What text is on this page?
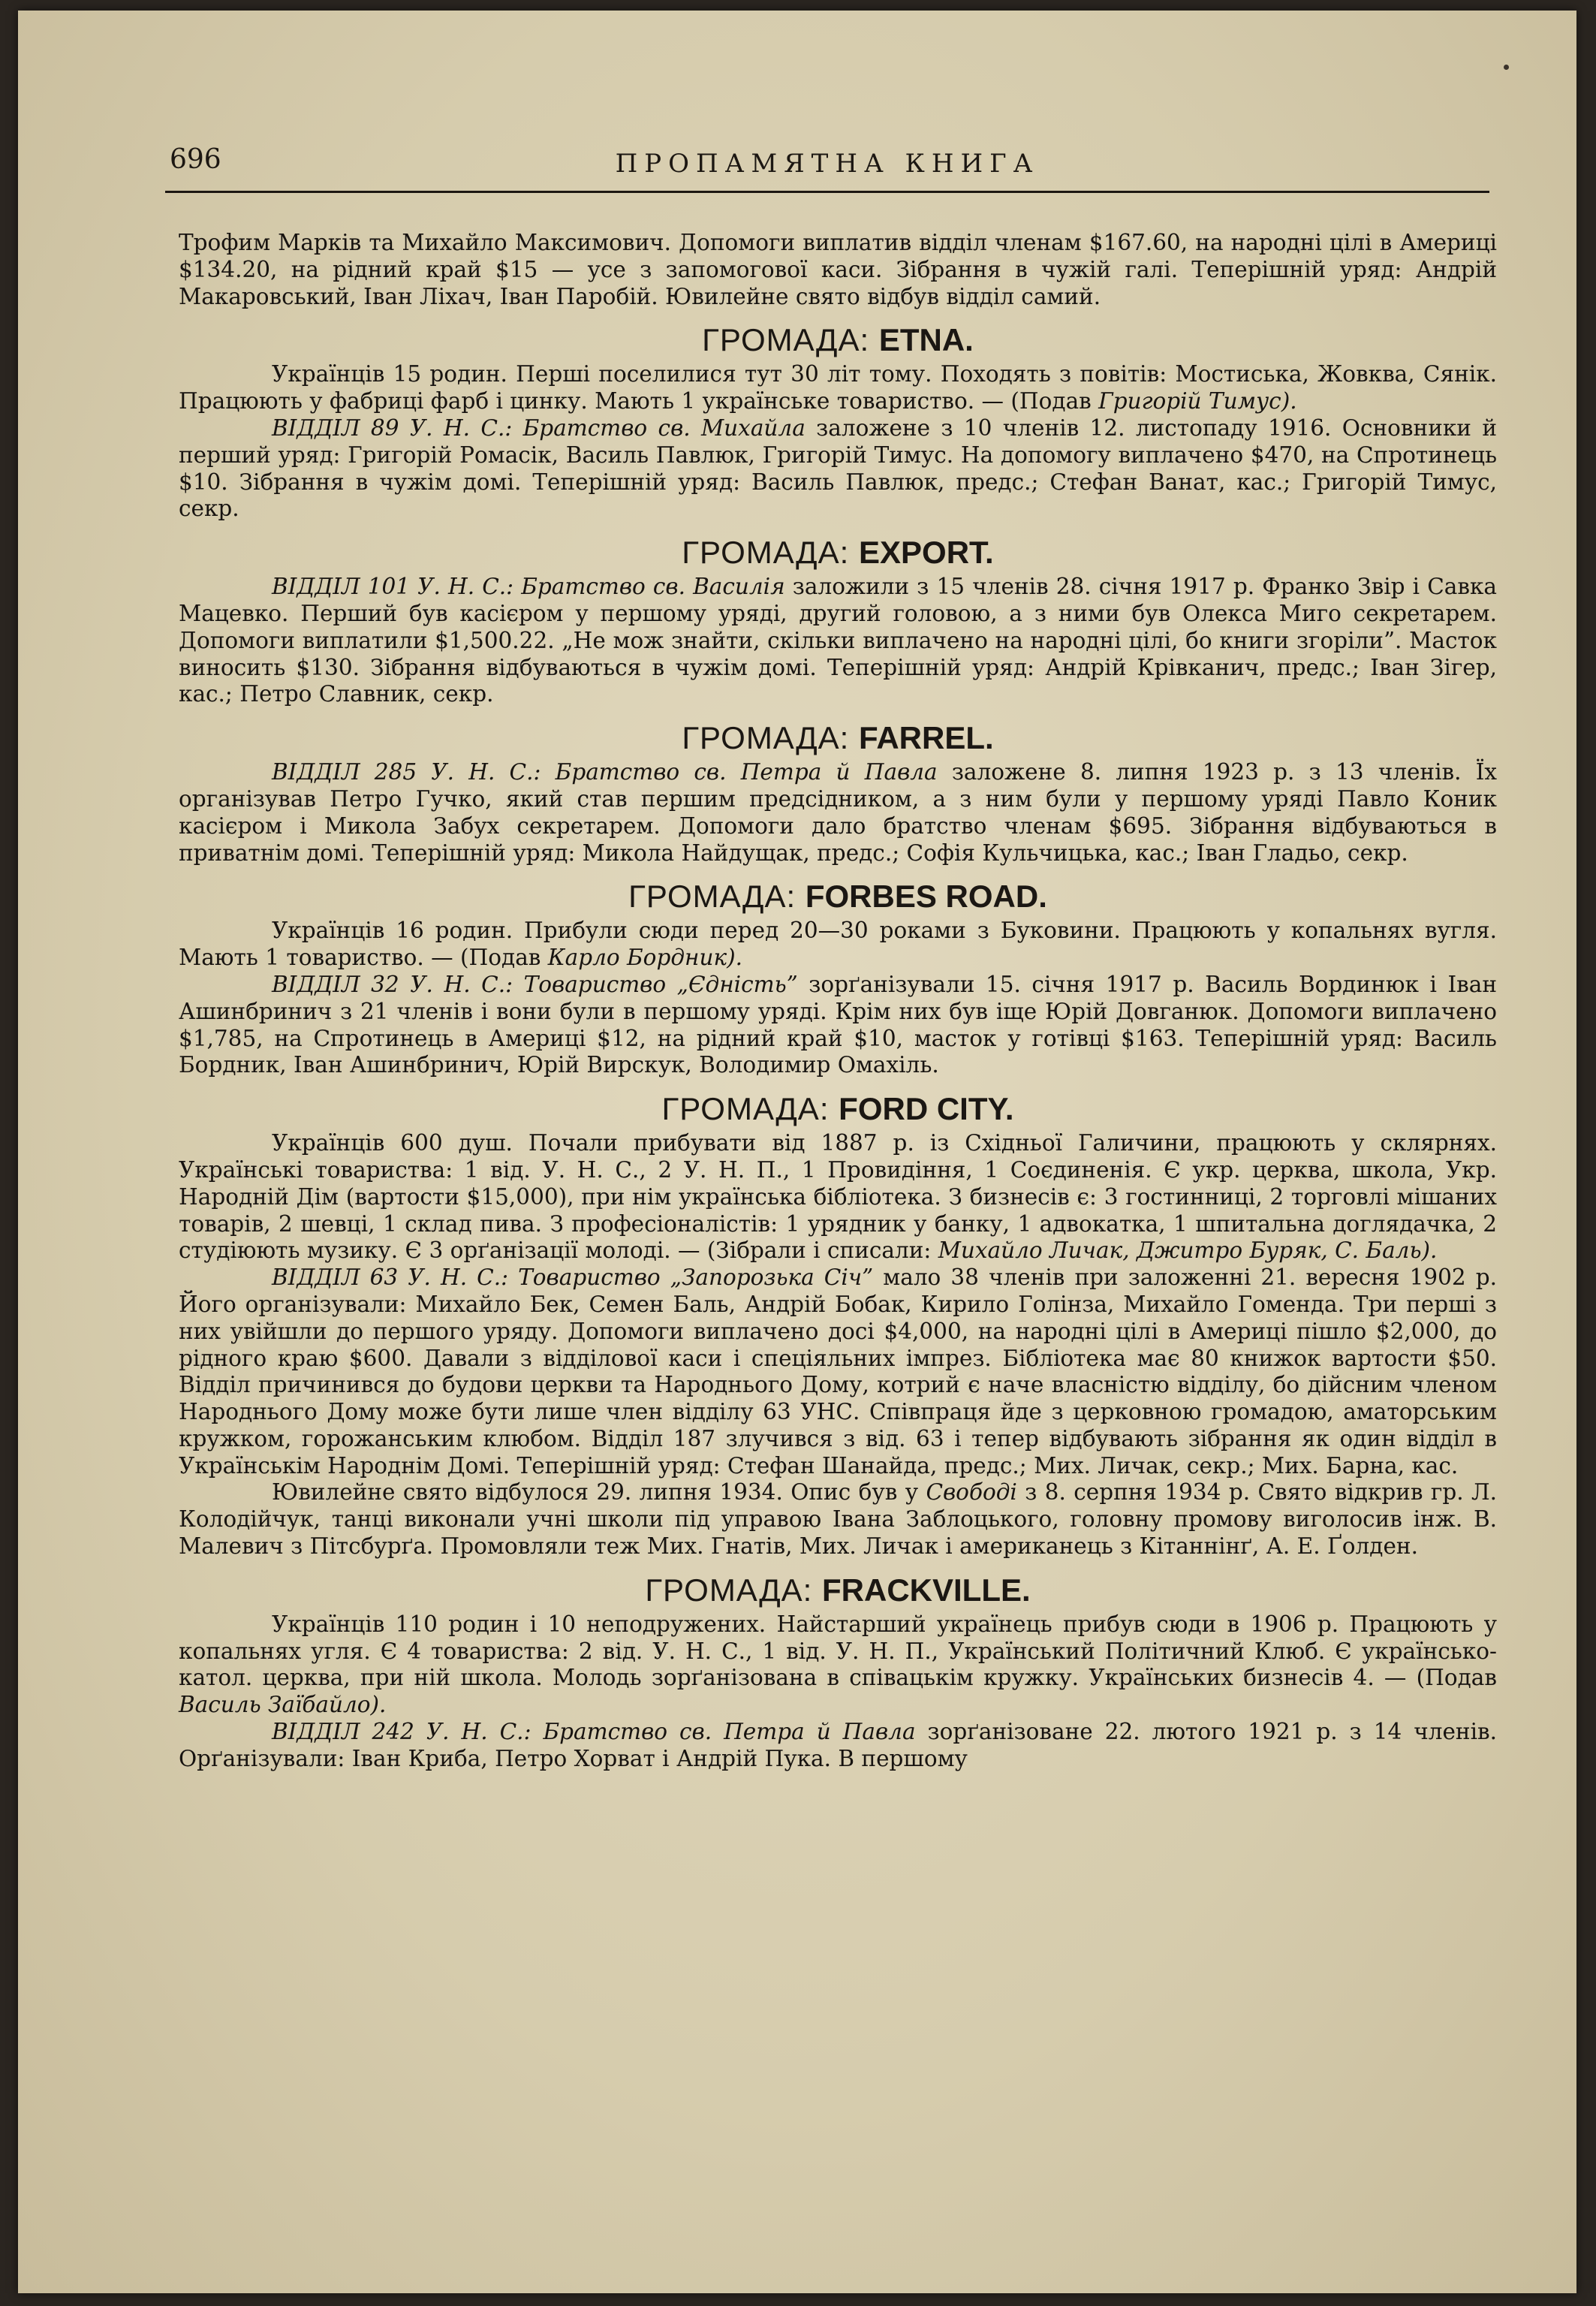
696	ПРОПАМЯТНА КНИГА

Трофим Марків та Михайло Максимович. Допомоги виплатив відділ членам $167.60, на народні цілі в Америці $134.20, на рідний край $15 — усе з запомогової каси. Зібрання в чужій галі. Теперішній уряд: Андрій Макаровський, Іван Ліхач, Іван Паробій. Ювилейне свято відбув відділ самий.

ГРОМАДА: ETNA.

Українців 15 родин. Перші поселилися тут 30 літ тому. Походять з повітів: Мостиська, Жовква, Сянік. Працюють у фабриці фарб і цинку. Мають 1 українське товариство. — (Подав Григорій Тимус).

ВІДДІЛ 89 У. Н. С.: Братство св. Михайла заложене з 10 членів 12. листопаду 1916. Основники й перший уряд: Григорій Ромасік, Василь Павлюк, Григорій Тимус. На допомогу виплачено $470, на Спротинець $10. Зібрання в чужім домі. Теперішній уряд: Василь Павлюк, предс.; Стефан Ванат, кас.; Григорій Тимус, секр.

ГРОМАДА: EXPORT.

ВІДДІЛ 101 У. Н. С.: Братство св. Василія заложили з 15 членів 28. січня 1917 р. Франко Звір і Савка Мацевко. Перший був касієром у першому уряді, другий головою, а з ними був Олекса Миго секретарем. Допомоги виплатили $1,500.22. „Не мож знайти, скільки виплачено на народні цілі, бо книги згоріли”. Масток виносить $130. Зібрання відбуваються в чужім домі. Теперішній уряд: Андрій Крівканич, предс.; Іван Зігер, кас.; Петро Славник, секр.

ГРОМАДА: FARREL.

ВІДДІЛ 285 У. Н. С.: Братство св. Петра й Павла заложене 8. липня 1923 р. з 13 членів. Їх оргaнізував Петро Гучко, який став першим предсідником, а з ним були у першому уряді Павло Коник касієром і Микола Забух секретарем. Допомоги дало братство членам $695. Зібрання відбуваються в приватнім домі. Теперішній уряд: Микола Найдущак, предс.; Софія Кульчицька, кас.; Іван Гладьо, секр.

ГРОМАДА: FORBES ROAD.

Українців 16 родин. Прибули сюди перед 20—30 роками з Буковини. Працюють у копальнях вугля. Мають 1 товариство. — (Подав Карло Бордник).

ВІДДІЛ 32 У. Н. С.: Товариство „Єдність” зорґанізували 15. січня 1917 р. Василь Вординюк і Іван Ашинбринич з 21 членів і вони були в першому уряді. Крім них був іще Юрій Довганюк. Допомоги виплачено $1,785, на Спротинець в Америці $12, на рідний край $10, масток у готівці $163. Теперішній уряд: Василь Бордник, Іван Ашинбринич, Юрій Вирскук, Володимир Омахіль.

ГРОМАДА: FORD CITY.

Українців 600 душ. Почали прибувати від 1887 р. із Східньої Галичини, працюють у склярнях. Українські товариства: 1 від. У. Н. С., 2 У. Н. П., 1 Провидіння, 1 Соєдиненія. Є укр. церква, школа, Укр. Народній Дім (вартости $15,000), при нім українська бібліотека. З бизнесів є: 3 гостинниці, 2 торговлі мішаних товарів, 2 шевці, 1 склад пива. З професіоналістів: 1 урядник у банку, 1 адвокатка, 1 шпитальна доглядачка, 2 студіюють музику. Є 3 орґанізації молоді. — (Зібрали і списали: Михайло Личак, Джитро Буряк, С. Баль).

ВІДДІЛ 63 У. Н. С.: Товариство „Запорозька Січ” мало 38 членів при заложенні 21. вересня 1902 р. Його організували: Михайло Бек, Семен Баль, Андрій Бобак, Кирило Голінза, Михайло Гоменда. Три перші з них увійшли до першого уряду. Допомоги виплачено досі $4,000, на народні цілі в Америці пішло $2,000, до рідного краю $600. Давали з відділової каси і спеціяльних імпрез. Бібліотека має 80 книжок вартости $50. Відділ причинився до будови церкви та Народнього Дому, котрий є наче власністю відділу, бо дійсним членом Народнього Дому може бути лише член відділу 63 УНС. Співпраця йде з церковною громадою, аматорським кружком, горожанським клюбом. Відділ 187 злучився з від. 63 і тепер відбувають зібрання як один відділ в Українськім Народнім Домі. Теперішній уряд: Стефан Шанайда, предс.; Мих. Личак, секр.; Мих. Барна, кас.

Ювилейне свято відбулося 29. липня 1934. Опис був у Свободі з 8. серпня 1934 р. Свято відкрив гр. Л. Колодійчук, танці виконали учні школи під управою Івана Заблоцького, головну промову виголосив інж. В. Малевич з Пітсбурґа. Промовляли теж Мих. Гнатів, Мих. Личак і американець з Кітаннінґ, А. Е. Ґолден.

ГРОМАДА: FRACKVILLE.

Українців 110 родин і 10 неподружених. Найстарший українець прибув сюди в 1906 р. Працюють у копальнях угля. Є 4 товариства: 2 від. У. Н. С., 1 від. У. Н. П., Український Політичний Клюб. Є українсько-катол. церква, при ній школа. Молодь зорґанізована в співацькім кружку. Українських бизнесів 4. — (Подав Василь Заїбайло).

ВІДДІЛ 242 У. Н. С.: Братство св. Петра й Павла зорґанізоване 22. лютого 1921 р. з 14 членів. Орґанізували: Іван Криба, Петро Хорват і Андрій Пука. В першому
